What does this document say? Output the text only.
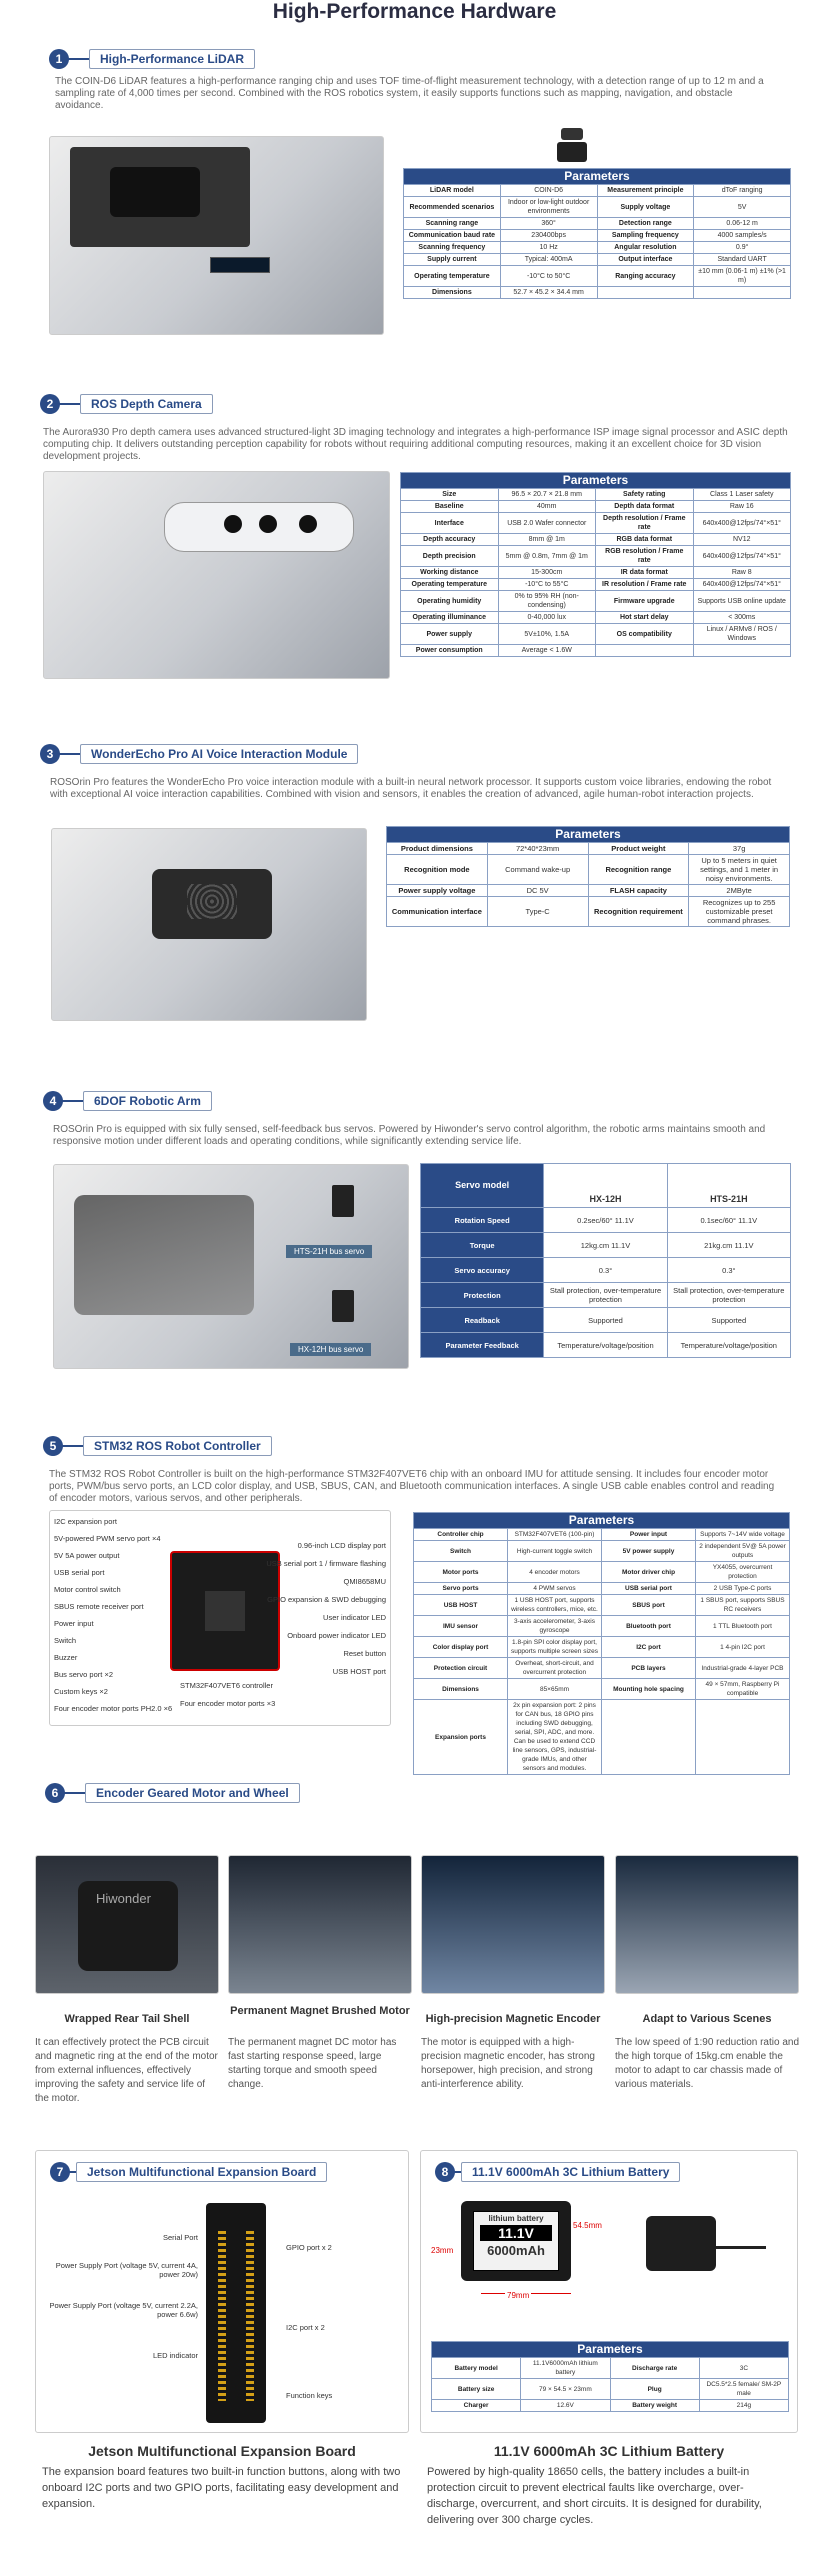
High-Performance Hardware
1	High-Performance LiDAR
The COIN-D6 LiDAR features a high-performance ranging chip and uses TOF time-of-flight measurement technology, with a detection range of up to 12 m and a sampling rate of 4,000 times per second. Combined with the ROS robotics system, it easily supports functions such as mapping, navigation, and obstacle avoidance.
Parameters			
LiDAR model	COIN-D6	Measurement principle	dToF ranging
Recommended scenarios	Indoor or low-light outdoor environments	Supply voltage	5V
Scanning range	360°	Detection range	0.06-12 m
Communication baud rate	230400bps	Sampling frequency	4000 samples/s
Scanning frequency	10 Hz	Angular resolution	0.9°
Supply current	Typical: 400mA	Output interface	Standard UART
Operating temperature	-10°C to 50°C	Ranging accuracy	±10 mm (0.06-1 m) ±1% (>1 m)
Dimensions	52.7 × 45.2 × 34.4 mm		
2	ROS Depth Camera
The Aurora930 Pro depth camera uses advanced structured-light 3D imaging technology and integrates a high-performance ISP image signal processor and ASIC depth computing chip. It delivers outstanding perception capability for robots without requiring additional computing resources, making it an excellent choice for 3D vision development projects.
Parameters			
Size	96.5 × 20.7 × 21.8 mm	Safety rating	Class 1 Laser safety
Baseline	40mm	Depth data format	Raw 16
Interface	USB 2.0 Wafer connector	Depth resolution / Frame rate	640x400@12fps/74°×51°
Depth accuracy	8mm @ 1m	RGB data format	NV12
Depth precision	5mm @ 0.8m, 7mm @ 1m	RGB resolution / Frame rate	640x400@12fps/74°×51°
Working distance	15-300cm	IR data format	Raw 8
Operating temperature	-10°C to 55°C	IR resolution / Frame rate	640x400@12fps/74°×51°
Operating humidity	0% to 95% RH (non-condensing)	Firmware upgrade	Supports USB online update
Operating illuminance	0-40,000 lux	Hot start delay	< 300ms
Power supply	5V±10%, 1.5A	OS compatibility	Linux / ARMv8 / ROS / Windows
Power consumption	Average < 1.6W		
3	WonderEcho Pro AI Voice Interaction Module
ROSOrin Pro features the WonderEcho Pro voice interaction module with a built-in neural network processor. It supports custom voice libraries, endowing the robot with exceptional AI voice interaction capabilities. Combined with vision and sensors, it enables the creation of advanced, agile human-robot interaction projects.
Parameters			
Product dimensions	72*40*23mm	Product weight	37g
Recognition mode	Command wake-up	Recognition range	Up to 5 meters in quiet settings, and 1 meter in noisy environments.
Power supply voltage	DC 5V	FLASH capacity	2MByte
Communication interface	Type-C	Recognition requirement	Recognizes up to 255 customizable preset command phrases.
4	6DOF Robotic Arm
ROSOrin Pro is equipped with six fully sensed, self-feedback bus servos. Powered by Hiwonder's servo control algorithm, the robotic arms maintains smooth and responsive motion under different loads and operating conditions, while significantly extending service life.
HTS-21H bus servo
HX-12H bus servo
Servo model	HX-12H	HTS-21H
Rotation Speed	0.2sec/60° 11.1V	0.1sec/60° 11.1V
Torque	12kg.cm 11.1V	21kg.cm 11.1V
Servo accuracy	0.3°	0.3°
Protection	Stall protection, over-temperature protection	Stall protection, over-temperature protection
Readback	Supported	Supported
Parameter Feedback	Temperature/voltage/position	Temperature/voltage/position
5	STM32 ROS Robot Controller
The STM32 ROS Robot Controller is built on the high-performance STM32F407VET6 chip with an onboard IMU for attitude sensing. It includes four encoder motor ports, PWM/bus servo ports, an LCD color display, and USB, SBUS, CAN, and Bluetooth communication interfaces. A single USB cable enables control and reading of encoder motors, various servos, and other peripherals.
I2C expansion port
5V-powered PWM servo port ×4
5V 5A power output
USB serial port
Motor control switch
SBUS remote receiver port
Power input
Switch
Buzzer
Bus servo port ×2
Custom keys ×2
Four encoder motor ports PH2.0 ×6
0.96-inch LCD display port
USB serial port 1 / firmware flashing
QMI8658MU
GPIO expansion & SWD debugging
User indicator LED
Onboard power indicator LED
Reset button
USB HOST port
STM32F407VET6 controller
Four encoder motor ports ×3
Parameters			
Controller chip	STM32F407VET6 (100-pin)	Power input	Supports 7~14V wide voltage
Switch	High-current toggle switch	5V power supply	2 independent 5V@ 5A power outputs
Motor ports	4 encoder motors	Motor driver chip	YX4055, overcurrent protection
Servo ports	4 PWM servos	USB serial port	2 USB Type-C ports
USB HOST	1 USB HOST port, supports wireless controllers, mice, etc.	SBUS port	1 SBUS port, supports SBUS RC receivers
IMU sensor	3-axis accelerometer, 3-axis gyroscope	Bluetooth port	1 TTL Bluetooth port
Color display port	1.8-pin SPI color display port, supports multiple screen sizes	I2C port	1 4-pin I2C port
Protection circuit	Overheat, short-circuit, and overcurrent protection	PCB layers	Industrial-grade 4-layer PCB
Dimensions	85×65mm	Mounting hole spacing	49 × 57mm, Raspberry Pi compatible
Expansion ports	2x pin expansion port: 2 pins for CAN bus, 18 GPIO pins including SWD debugging, serial, SPI, ADC, and more. Can be used to extend CCD line sensors, GPS, industrial-grade IMUs, and other sensors and modules.		
6	Encoder Geared Motor and Wheel
Hiwonder
Wrapped Rear Tail Shell
Permanent Magnet Brushed Motor
High-precision Magnetic Encoder	Adapt to Various Scenes
It can effectively protect the PCB circuit and magnetic ring at the end of the motor from external influences, effectively improving the safety and service life of the motor.
The permanent magnet DC motor has fast starting response speed, large starting torque and smooth speed change.
The motor is equipped with a high-precision magnetic encoder, has strong horsepower, high precision, and strong anti-interference ability.
The low speed of 1:90 reduction ratio and the high torque of 15kg.cm enable the motor to adapt to car chassis made of various materials.
7	Jetson Multifunctional Expansion Board
Serial Port
Power Supply Port (voltage 5V, current 4A, power 20w)
Power Supply Port (voltage 5V, current 2.2A, power 6.6w)
LED indicator
GPIO port x 2
I2C port x 2
Function keys
Jetson Multifunctional Expansion Board
The expansion board features two built-in function buttons, along with two onboard I2C ports and two GPIO ports, facilitating easy development and expansion.
8	11.1V 6000mAh 3C Lithium Battery
lithium battery
11.1V
6000mAh
79mm
23mm
54.5mm
Parameters			
Battery model	11.1V6000mAh lithium battery	Discharge rate	3C
Battery size	79 × 54.5 × 23mm	Plug	DC5.5*2.5 female/ SM-2P male
Charger	12.6V	Battery weight	214g
11.1V 6000mAh 3C Lithium Battery
Powered by high-quality 18650 cells, the battery includes a built-in protection circuit to prevent electrical faults like overcharge, over-discharge, overcurrent, and short circuits. It is designed for durability, delivering over 300 charge cycles.
